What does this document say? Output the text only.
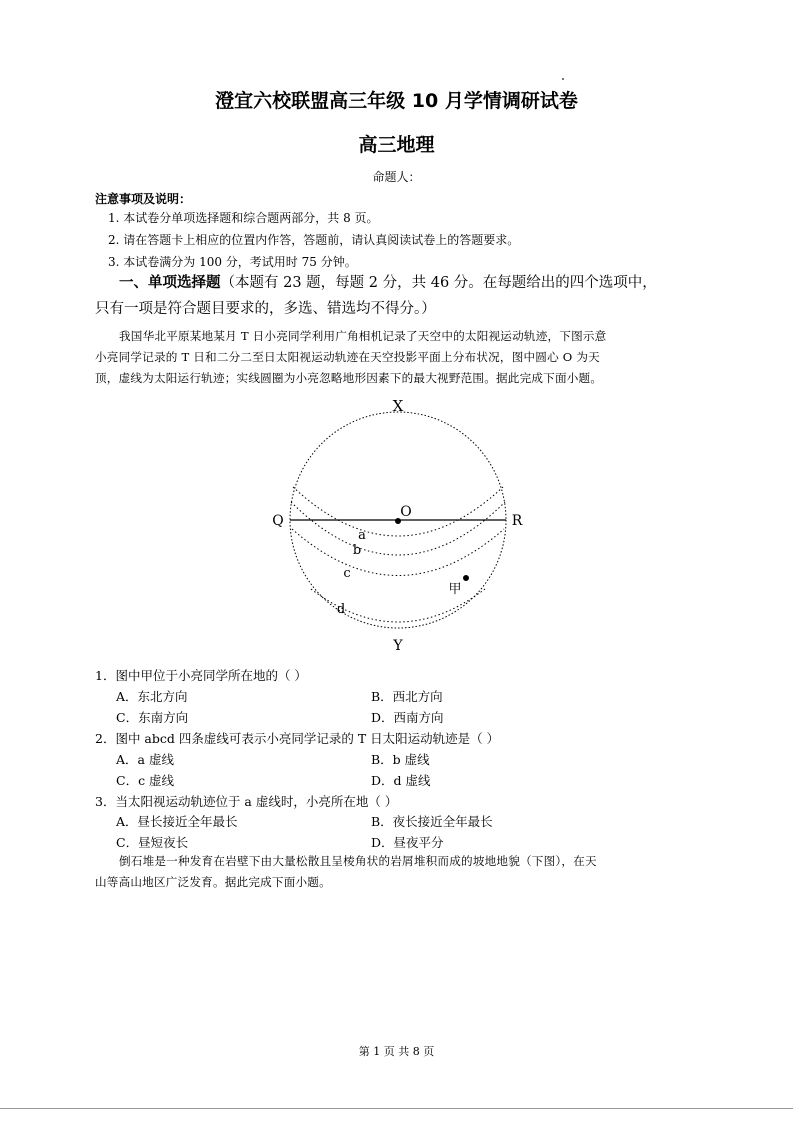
澄宜六校联盟高三年级 10 月学情调研试卷
高三地理
命题人：
注意事项及说明：
1. 本试卷分单项选择题和综合题两部分，共 8 页。
2. 请在答题卡上相应的位置内作答，答题前，请认真阅读试卷上的答题要求。
3. 本试卷满分为 100 分，考试用时 75 分钟。
一、单项选择题（本题有 23 题，每题 2 分，共 46 分。在每题给出的四个选项中，
只有一项是符合题目要求的，多选、错选均不得分。）
我国华北平原某地某月 T 日小亮同学利用广角相机记录了天空中的太阳视运动轨迹，下图示意
小亮同学记录的 T 日和二分二至日太阳视运动轨迹在天空投影平面上分布状况，图中圆心 O 为天
顶，虚线为太阳运行轨迹；实线圆圈为小亮忽略地形因素下的最大视野范围。据此完成下面小题。
X
Y
Q	R
O
a
b
c
d
甲
1．图中甲位于小亮同学所在地的（ ）
A．东北方向	B．西北方向
C．东南方向	D．西南方向
2．图中 abcd 四条虚线可表示小亮同学记录的 T 日太阳运动轨迹是（ ）
A．a 虚线	B．b 虚线
C．c 虚线	D．d 虚线
3．当太阳视运动轨迹位于 a 虚线时，小亮所在地（ ）
A．昼长接近全年最长	B．夜长接近全年最长
C．昼短夜长	D．昼夜平分
倒石堆是一种发育在岩壁下由大量松散且呈棱角状的岩屑堆积而成的坡地地貌（下图），在天
山等高山地区广泛发育。据此完成下面小题。
第 1 页 共 8 页
